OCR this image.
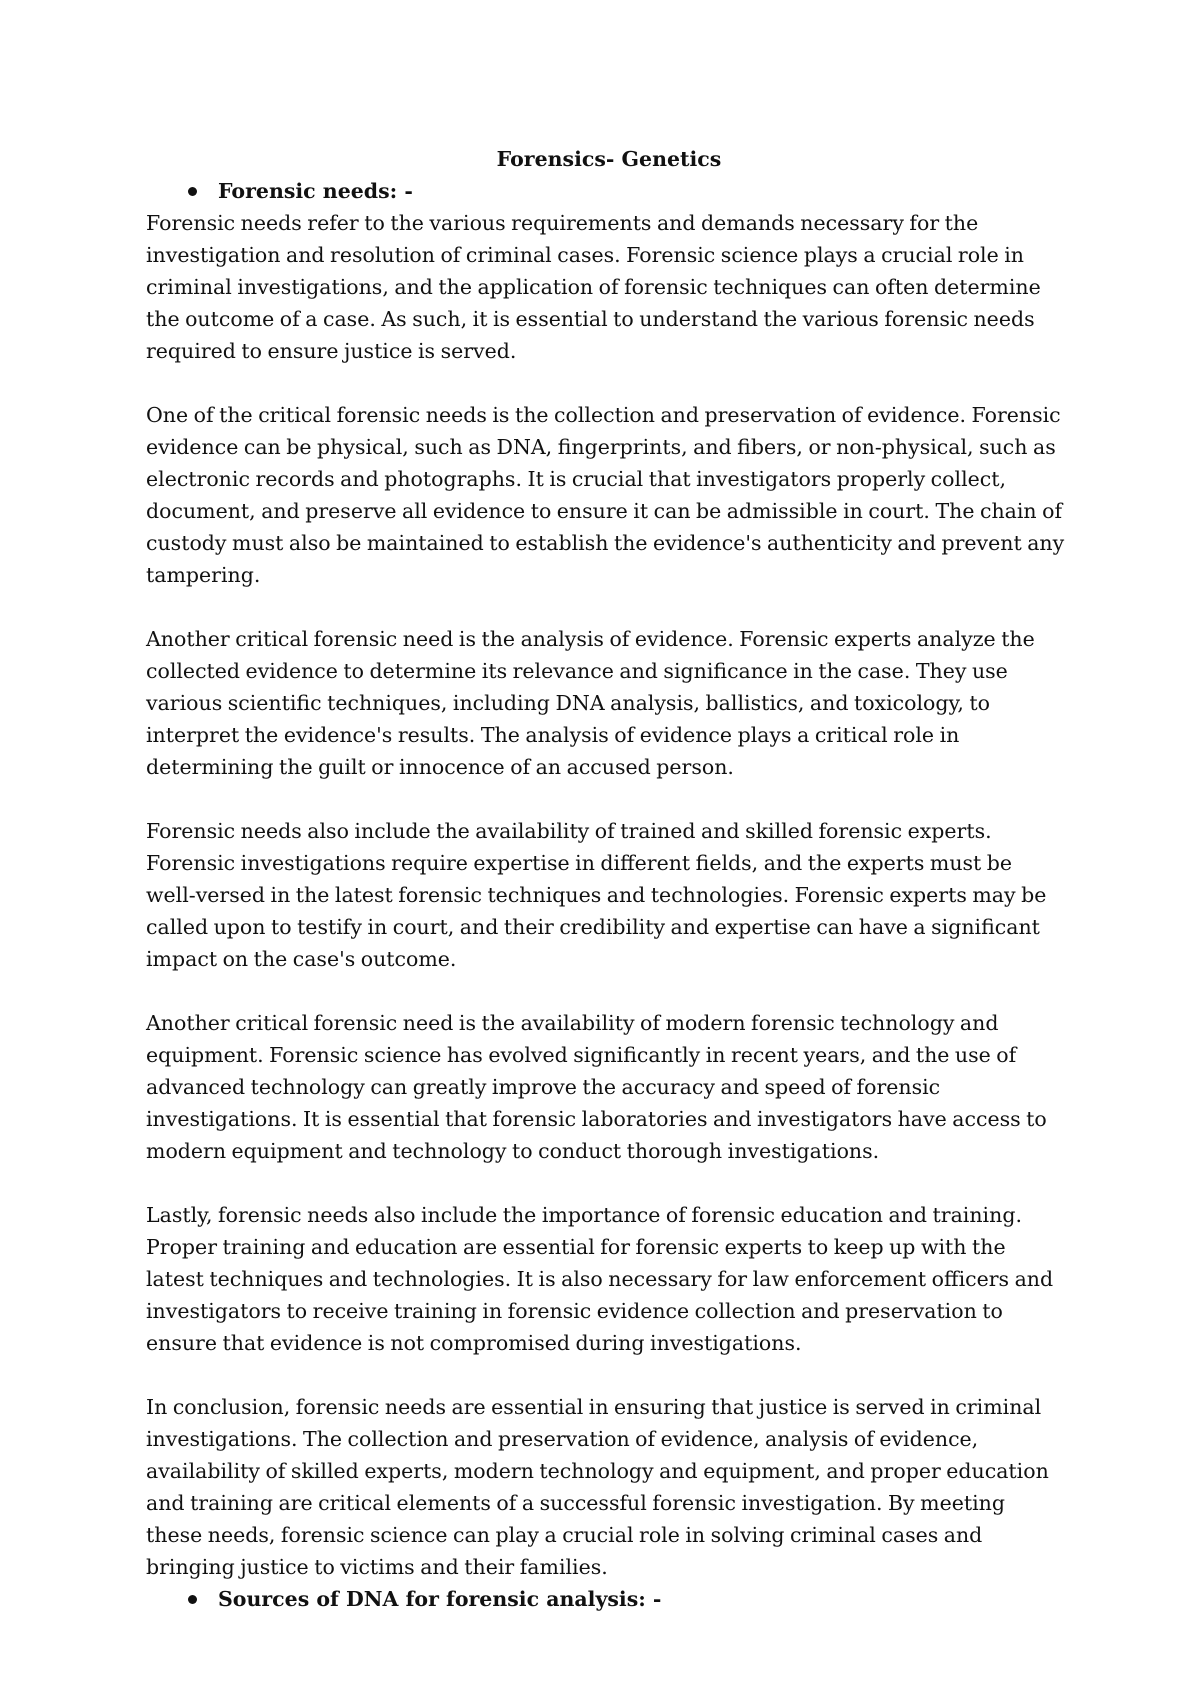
Forensics- Genetics
Forensic needs: -

Forensic needs refer to the various requirements and demands necessary for the investigation and resolution of criminal cases. Forensic science plays a crucial role in criminal investigations, and the application of forensic techniques can often determine the outcome of a case. As such, it is essential to understand the various forensic needs required to ensure justice is served.

One of the critical forensic needs is the collection and preservation of evidence. Forensic evidence can be physical, such as DNA, fingerprints, and fibers, or non-physical, such as electronic records and photographs. It is crucial that investigators properly collect, document, and preserve all evidence to ensure it can be admissible in court. The chain of custody must also be maintained to establish the evidence's authenticity and prevent any tampering.

Another critical forensic need is the analysis of evidence. Forensic experts analyze the collected evidence to determine its relevance and significance in the case. They use various scientific techniques, including DNA analysis, ballistics, and toxicology, to interpret the evidence's results. The analysis of evidence plays a critical role in determining the guilt or innocence of an accused person.

Forensic needs also include the availability of trained and skilled forensic experts. Forensic investigations require expertise in different fields, and the experts must be well-versed in the latest forensic techniques and technologies. Forensic experts may be called upon to testify in court, and their credibility and expertise can have a significant impact on the case's outcome.

Another critical forensic need is the availability of modern forensic technology and equipment. Forensic science has evolved significantly in recent years, and the use of advanced technology can greatly improve the accuracy and speed of forensic investigations. It is essential that forensic laboratories and investigators have access to modern equipment and technology to conduct thorough investigations.

Lastly, forensic needs also include the importance of forensic education and training. Proper training and education are essential for forensic experts to keep up with the latest techniques and technologies. It is also necessary for law enforcement officers and investigators to receive training in forensic evidence collection and preservation to ensure that evidence is not compromised during investigations.

In conclusion, forensic needs are essential in ensuring that justice is served in criminal investigations. The collection and preservation of evidence, analysis of evidence, availability of skilled experts, modern technology and equipment, and proper education and training are critical elements of a successful forensic investigation. By meeting these needs, forensic science can play a crucial role in solving criminal cases and bringing justice to victims and their families.

Sources of DNA for forensic analysis: -
